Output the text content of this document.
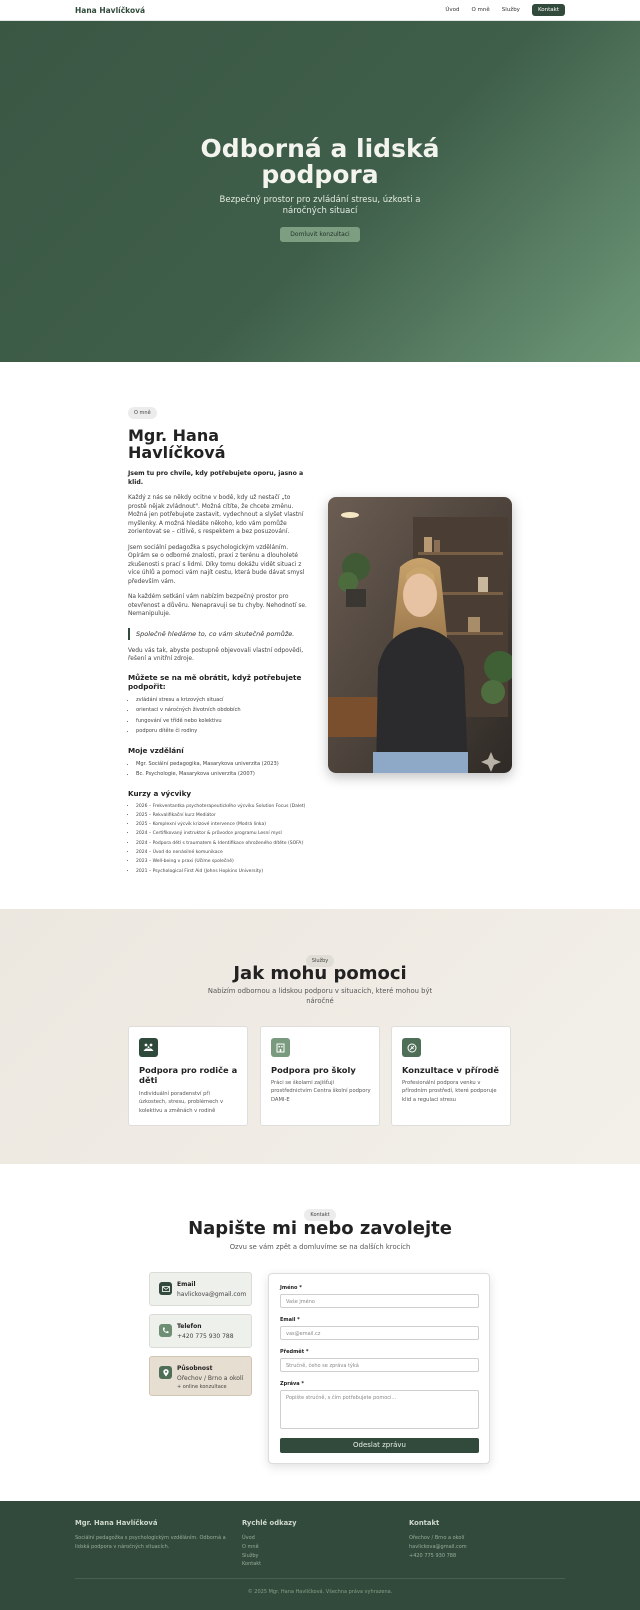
Hana Havlíčková	Úvod O mně Služby	Kontakt
Odborná a lidská
podpora
Bezpečný prostor pro zvládání stresu, úzkosti a náročných situací
Domluvit konzultaci
O mně
Mgr. Hana
Havlíčková
Jsem tu pro chvíle, kdy potřebujete oporu, jasno a klid.
Každý z nás se někdy ocitne v bodě, kdy už nestačí „to prostě nějak zvládnout". Možná cítíte, že chcete změnu. Možná jen potřebujete zastavit, vydechnout a slyšet vlastní myšlenky. A možná hledáte někoho, kdo vám pomůže zorientovat se – citlivě, s respektem a bez posuzování.
Jsem sociální pedagožka s psychologickým vzděláním. Opírám se o odborné znalosti, praxi z terénu a dlouholeté zkušenosti s prací s lidmi. Díky tomu dokážu vidět situaci z více úhlů a pomoci vám najít cestu, která bude dávat smysl především vám.
Na každém setkání vám nabízím bezpečný prostor pro otevřenost a důvěru. Nenapravuji se tu chyby. Nehodnotí se. Nemanipuluje.
Společně hledáme to, co vám skutečně pomůže.
Vedu vás tak, abyste postupně objevovali vlastní odpovědi, řešení a vnitřní zdroje.
Můžete se na mě obrátit, když potřebujete podpořit:
• zvládání stresu a krizových situací
• orientaci v náročných životních obdobích
• fungování ve třídě nebo kolektivu
• podporu dítěte či rodiny
Moje vzdělání
• Mgr. Sociální pedagogika, Masarykova univerzita (2023)
• Bc. Psychologie, Masarykova univerzita (2007)
Kurzy a výcviky
• 2026 – Frekventantka psychoterapeutického výcviku Solution Focus (Dalet)
• 2025 – Rekvalifikační kurz Mediátor
• 2025 – Komplexní výcvik krizové intervence (Modrá linka)
• 2024 – Certifikovaný instruktor & průvodce programu Lesní mysl
• 2024 – Podpora dětí s traumatem & Identifikace ohroženého dítěte (SOFA)
• 2024 – Úvod do nenásilné komunikace
• 2023 – Well-being v praxi (Učíme společně)
• 2021 – Psychological First Aid (Johns Hopkins University)
Služby
Jak mohu pomoci
Nabízím odbornou a lidskou podporu v situacích, které mohou být náročné
Podpora pro rodiče a děti
Individuální poradenství při úzkostech, stresu, problémech v kolektivu a změnách v rodině
Podpora pro školy
Práci se školami zajišťuji prostřednictvím Centra školní podpory DAMI-E
Konzultace v přírodě
Profesionální podpora venku v přírodním prostředí, které podporuje klid a regulaci stresu
Kontakt
Napište mi nebo zavolejte
Ozvu se vám zpět a domluvíme se na dalších krocích
Email
havlickova@gmail.com
Telefon
+420 775 930 788
Působnost
Ořechov / Brno a okolí
+ online konzultace
Jméno *
Vaše jméno
Email *
vas@email.cz
Předmět *
Stručně, čeho se zpráva týká
Zpráva *
Popište stručně, s čím potřebujete pomoci...
Odeslat zprávu
Mgr. Hana Havlíčková
Sociální pedagožka s psychologickým vzděláním. Odborná a lidská podpora v náročných situacích.
Rychlé odkazy
Úvod
O mně
Služby
Kontakt
Kontakt
Ořechov / Brno a okolí
havlickova@gmail.com
+420 775 930 788
© 2025 Mgr. Hana Havlíčková. Všechna práva vyhrazena.
